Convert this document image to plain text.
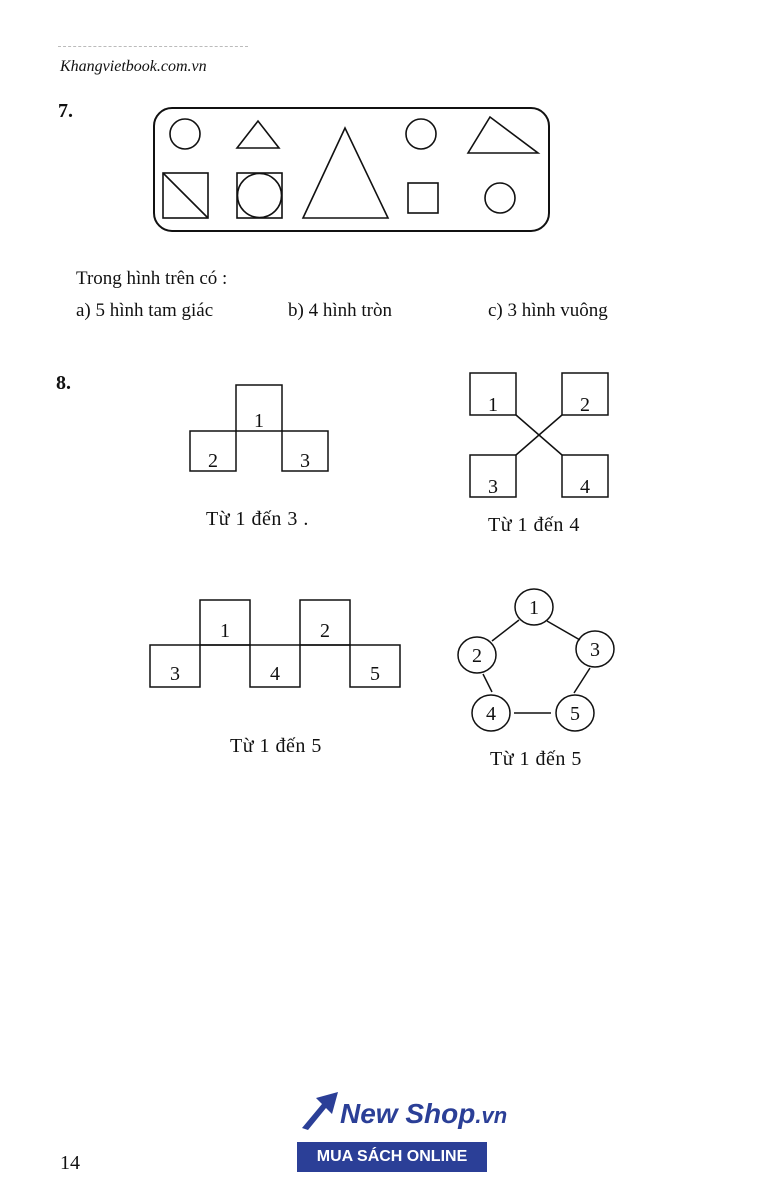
Khangvietbook.com.vn
7.
Trong hình trên có :
a) 5 hình tam giác	b) 4 hình tròn	c) 3 hình vuông
8.
1
2	3
1	2
3	4
1	2
3	4	5
1
2	3
4	5
Từ 1 đến 3 .	Từ 1 đến 4
Từ 1 đến 5
Từ 1 đến 5
New Shop.vn
MUA SÁCH ONLINE
14
